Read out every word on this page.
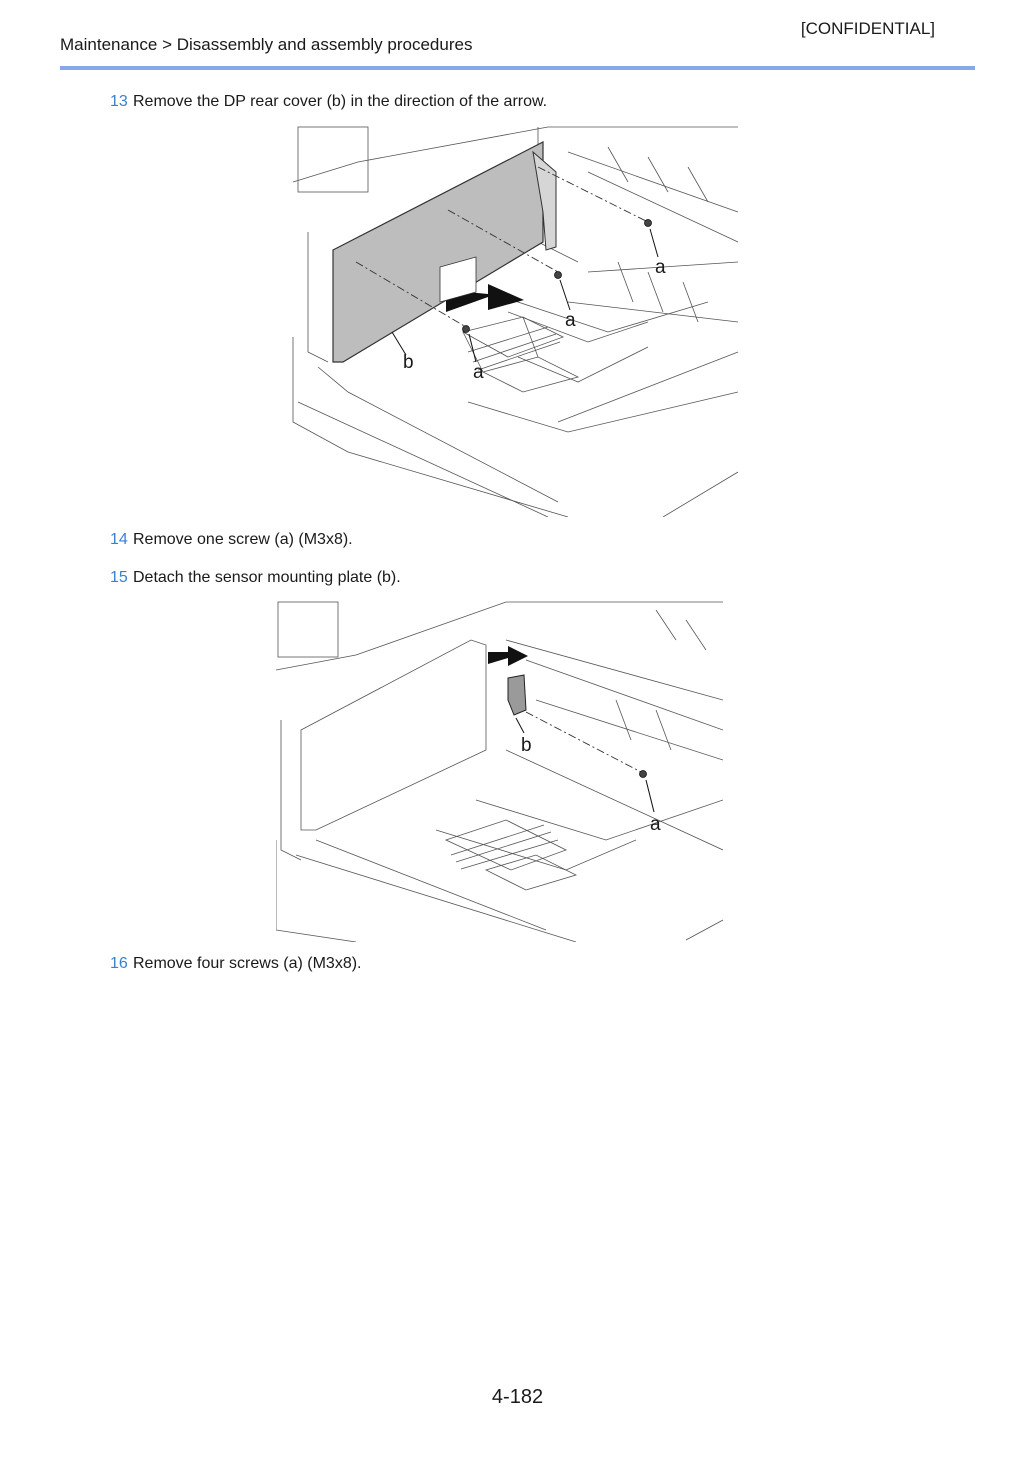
[CONFIDENTIAL]
Maintenance > Disassembly and assembly procedures
13 Remove the DP rear cover (b) in the direction of the arrow.
b	a
a
a
14 Remove one screw (a) (M3x8).
15 Detach the sensor mounting plate (b).
b
a
16 Remove four screws (a) (M3x8).
4-182
